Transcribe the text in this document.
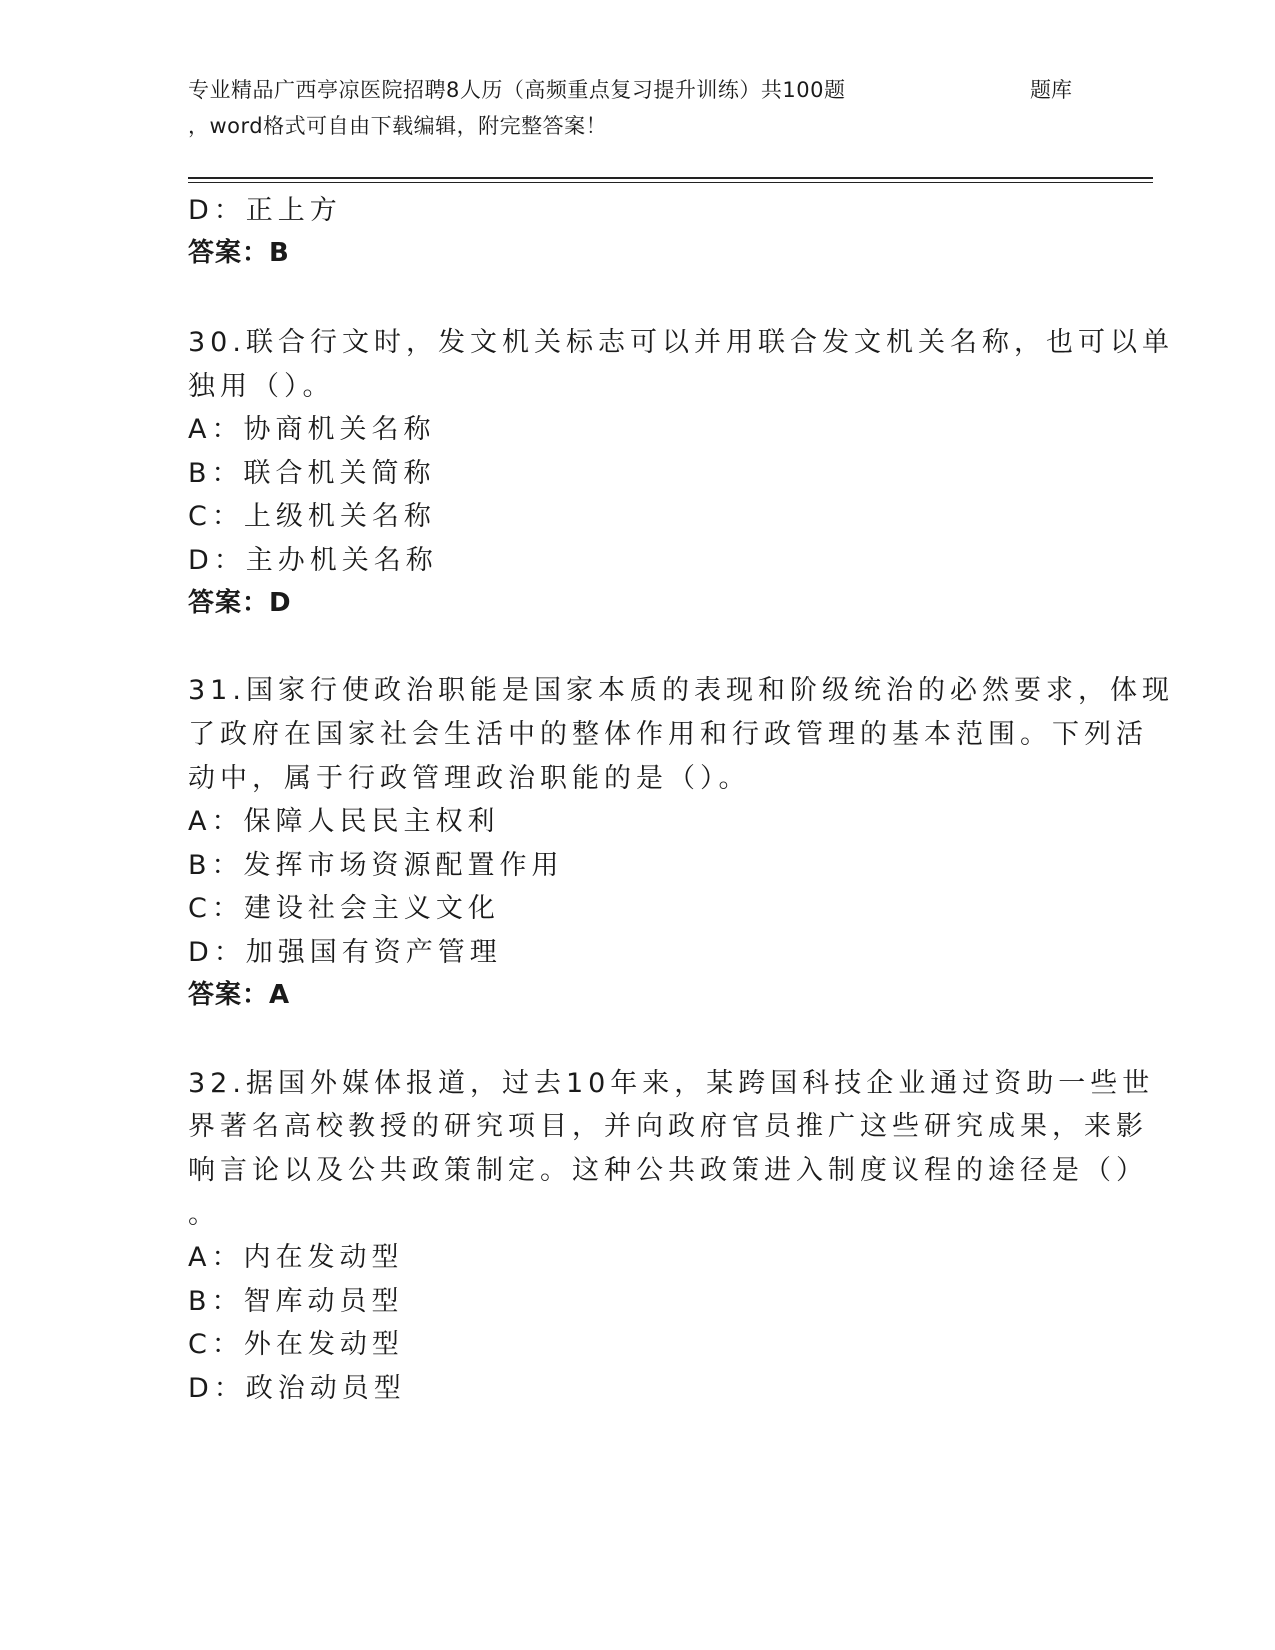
专业精品广西亭凉医院招聘8人历（高频重点复习提升训练）共100题	题库
，word格式可自由下载编辑，附完整答案！
D：正上方
答案：B
30.联合行文时，发文机关标志可以并用联合发文机关名称，也可以单
独用（）。
A：协商机关名称
B：联合机关简称
C：上级机关名称
D：主办机关名称
答案：D
31.国家行使政治职能是国家本质的表现和阶级统治的必然要求，体现
了政府在国家社会生活中的整体作用和行政管理的基本范围。下列活
动中，属于行政管理政治职能的是（）。
A：保障人民民主权利
B：发挥市场资源配置作用
C：建设社会主义文化
D：加强国有资产管理
答案：A
32.据国外媒体报道，过去10年来，某跨国科技企业通过资助一些世
界著名高校教授的研究项目，并向政府官员推广这些研究成果，来影
响言论以及公共政策制定。这种公共政策进入制度议程的途径是（）
。
A：内在发动型
B：智库动员型
C：外在发动型
D：政治动员型
